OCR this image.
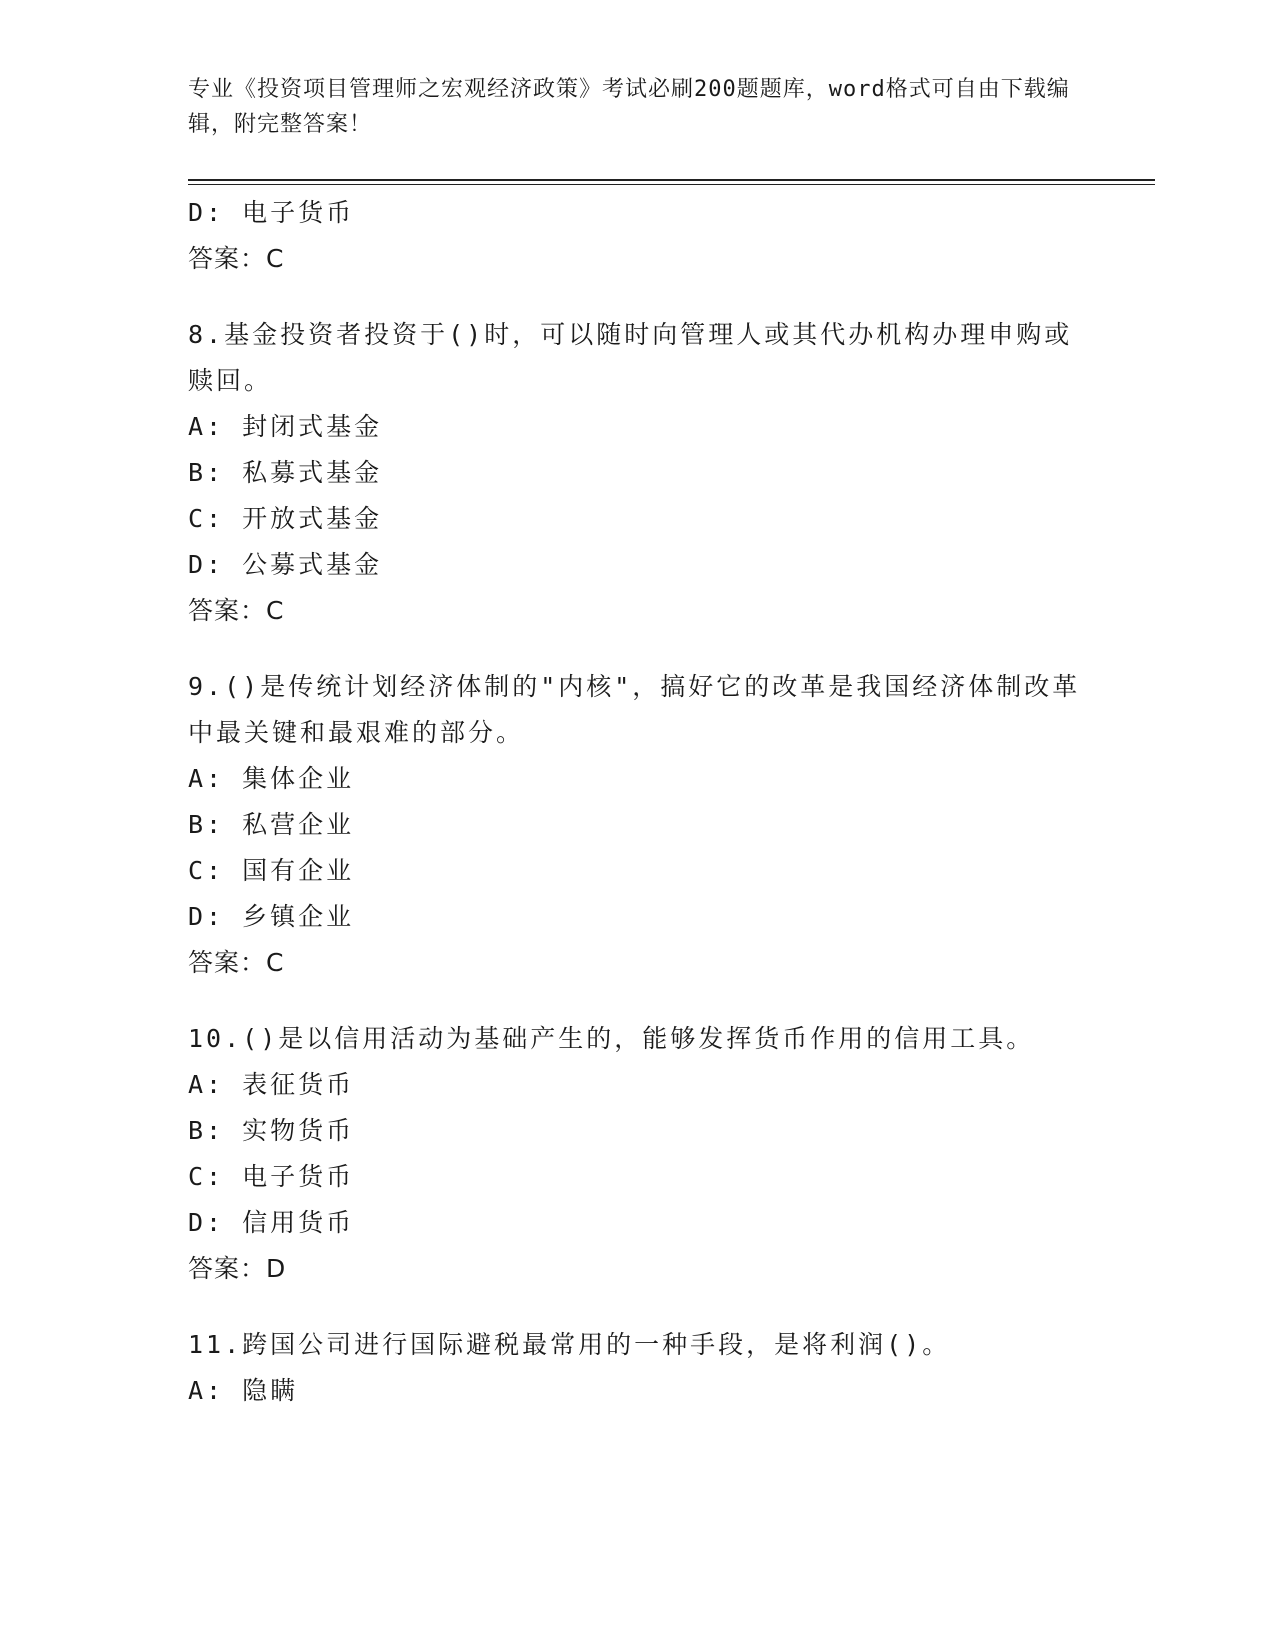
专业《投资项目管理师之宏观经济政策》考试必刷200题题库，word格式可自由下载编辑，附完整答案！
D: 电子货币
答案：C
8.基金投资者投资于()时，可以随时向管理人或其代办机构办理申购或赎回。
A: 封闭式基金
B: 私募式基金
C: 开放式基金
D: 公募式基金
答案：C
9.()是传统计划经济体制的"内核"，搞好它的改革是我国经济体制改革中最关键和最艰难的部分。
A: 集体企业
B: 私营企业
C: 国有企业
D: 乡镇企业
答案：C
10.()是以信用活动为基础产生的，能够发挥货币作用的信用工具。
A: 表征货币
B: 实物货币
C: 电子货币
D: 信用货币
答案：D
11.跨国公司进行国际避税最常用的一种手段，是将利润()。
A: 隐瞒
